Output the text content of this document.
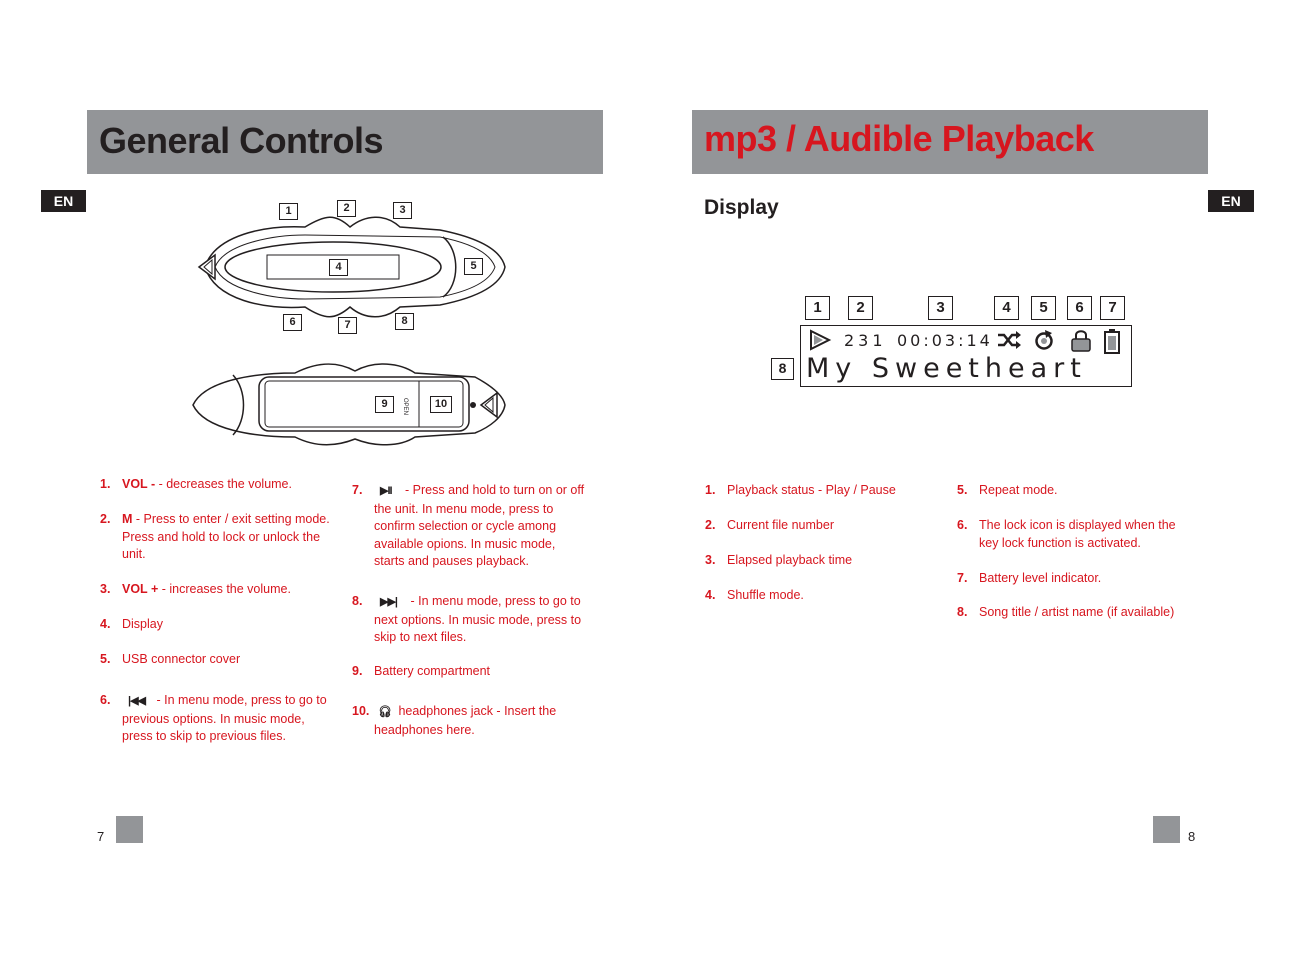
General Controls
EN
1	2	3
4	5
6	7	8
9	10
OPEN
1. VOL - - decreases the volume.
2. M - Press to enter / exit setting mode. Press and hold to lock or unlock the unit.
3. VOL + - increases the volume.
4. Display
5. USB connector cover
6. |◀◀ - In menu mode, press to go to previous options. In music mode, press to skip to previous files.
7. ▶II - Press and hold to turn on or off the unit. In menu mode, press to confirm selection or cycle among available opions. In music mode, starts and pauses playback.
8. ▶▶| - In menu mode, press to go to next options. In music mode, press to skip to next files.
9. Battery compartment
10. 🎧︎ headphones jack - Insert the headphones here.
7
mp3 / Audible Playback
EN
Display
1	2	3	4	5	6	7
8
231 00:03:14
My Sweetheart
1. Playback status - Play / Pause
2. Current file number
3. Elapsed playback time
4. Shuffle mode.
5. Repeat mode.
6. The lock icon is displayed when the key lock function is activated.
7. Battery level indicator.
8. Song title / artist name (if available)
8
